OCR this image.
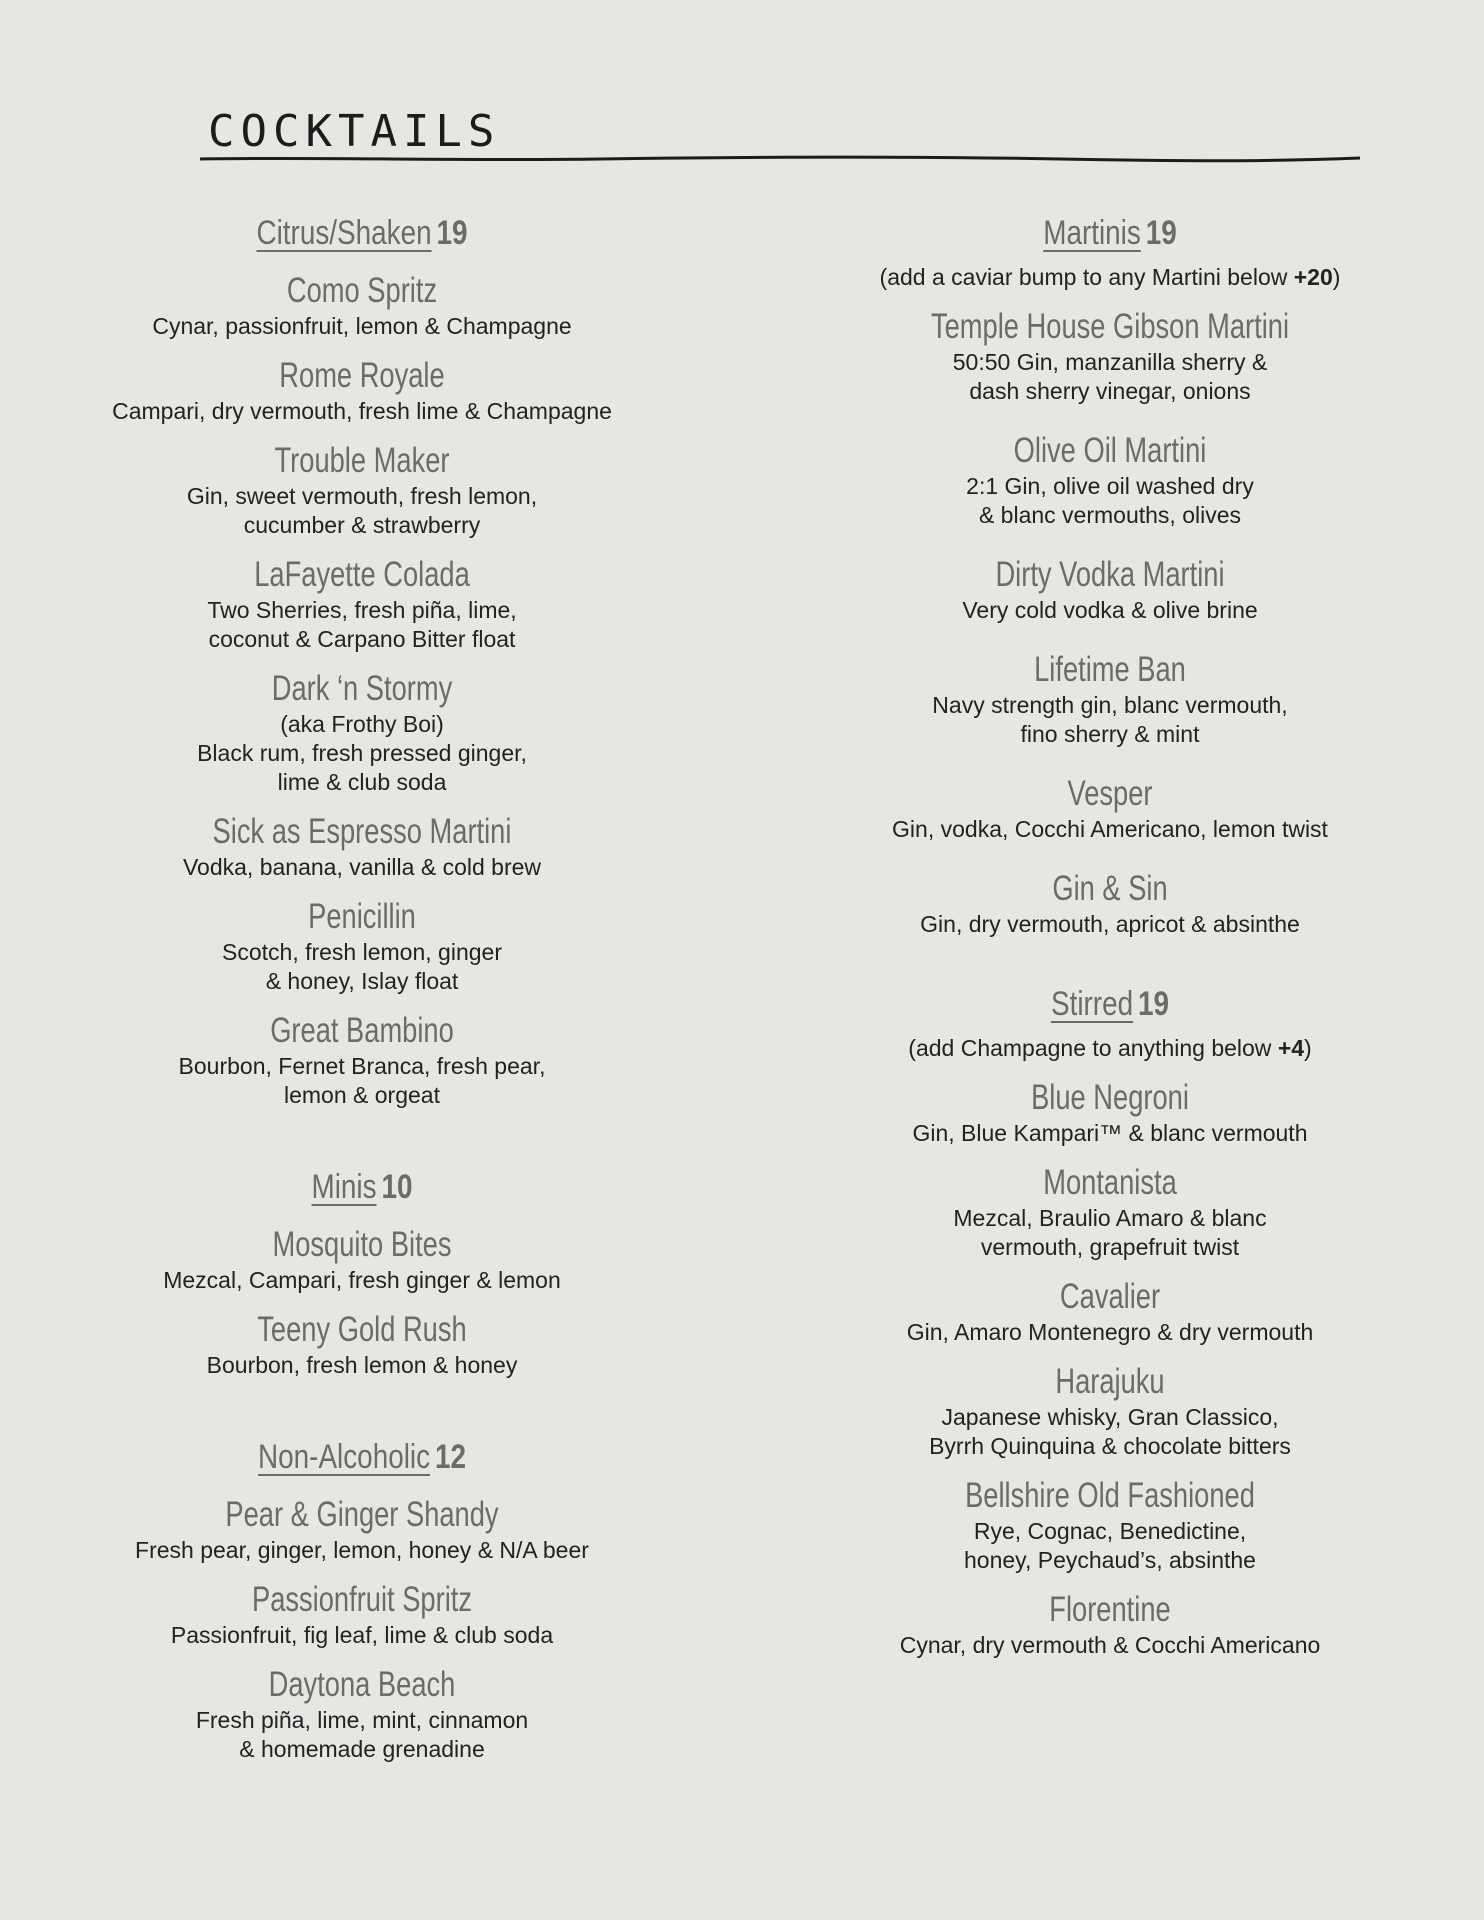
COCKTAILS
Citrus/Shaken 19
Como Spritz
Cynar, passionfruit, lemon & Champagne
Rome Royale
Campari, dry vermouth, fresh lime & Champagne
Trouble Maker
Gin, sweet vermouth, fresh lemon,
cucumber & strawberry
LaFayette Colada
Two Sherries, fresh piña, lime,
coconut & Carpano Bitter float
Dark ‘n Stormy
(aka Frothy Boi)
Black rum, fresh pressed ginger,
lime & club soda
Sick as Espresso Martini
Vodka, banana, vanilla & cold brew
Penicillin
Scotch, fresh lemon, ginger
& honey, Islay float
Great Bambino
Bourbon, Fernet Branca, fresh pear,
lemon & orgeat
Minis 10
Mosquito Bites
Mezcal, Campari, fresh ginger & lemon
Teeny Gold Rush
Bourbon, fresh lemon & honey
Non-Alcoholic 12
Pear & Ginger Shandy
Fresh pear, ginger, lemon, honey & N/A beer
Passionfruit Spritz
Passionfruit, fig leaf, lime & club soda
Daytona Beach
Fresh piña, lime, mint, cinnamon
& homemade grenadine
Martinis 19
(add a caviar bump to any Martini below +20)
Temple House Gibson Martini
50:50 Gin, manzanilla sherry &
dash sherry vinegar, onions
Olive Oil Martini
2:1 Gin, olive oil washed dry
& blanc vermouths, olives
Dirty Vodka Martini
Very cold vodka & olive brine
Lifetime Ban
Navy strength gin, blanc vermouth,
fino sherry & mint
Vesper
Gin, vodka, Cocchi Americano, lemon twist
Gin & Sin
Gin, dry vermouth, apricot & absinthe
Stirred 19
(add Champagne to anything below +4)
Blue Negroni
Gin, Blue Kampari™ & blanc vermouth
Montanista
Mezcal, Braulio Amaro & blanc
vermouth, grapefruit twist
Cavalier
Gin, Amaro Montenegro & dry vermouth
Harajuku
Japanese whisky, Gran Classico,
Byrrh Quinquina & chocolate bitters
Bellshire Old Fashioned
Rye, Cognac, Benedictine,
honey, Peychaud’s, absinthe
Florentine
Cynar, dry vermouth & Cocchi Americano
